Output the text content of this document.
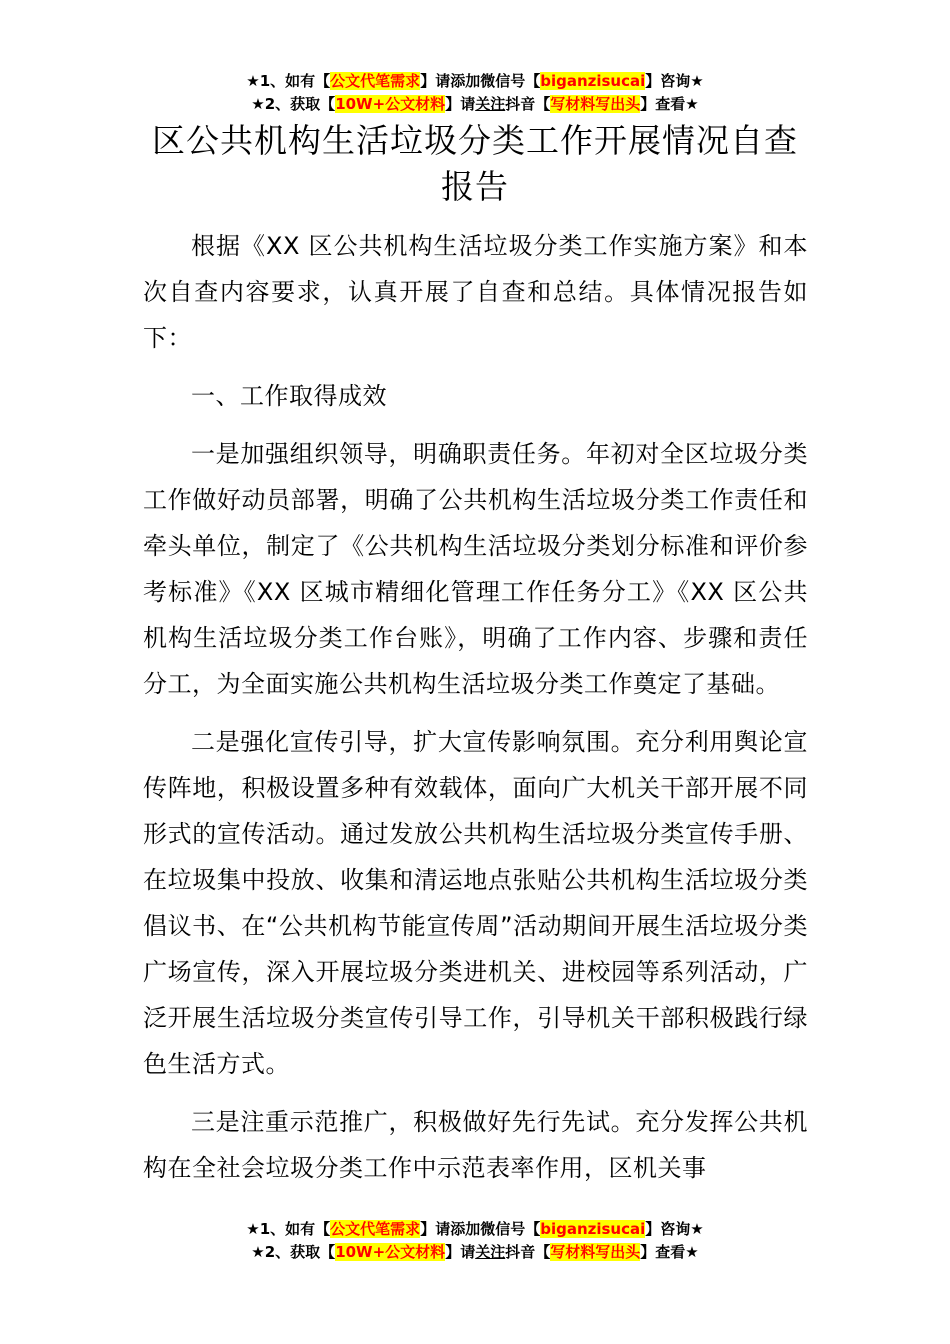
★1、如有【公文代笔需求】请添加微信号【biganzisucai】咨询★
★2、获取【10W+公文材料】请关注抖音【写材料写出头】查看★
区公共机构生活垃圾分类工作开展情况自查报告

根据《XX 区公共机构生活垃圾分类工作实施方案》和本次自查内容要求，认真开展了自查和总结。具体情况报告如下：

一、工作取得成效

一是加强组织领导，明确职责任务。年初对全区垃圾分类工作做好动员部署，明确了公共机构生活垃圾分类工作责任和牵头单位，制定了《公共机构生活垃圾分类划分标准和评价参考标准》《XX 区城市精细化管理工作任务分工》《XX 区公共机构生活垃圾分类工作台账》，明确了工作内容、步骤和责任分工，为全面实施公共机构生活垃圾分类工作奠定了基础。

二是强化宣传引导，扩大宣传影响氛围。充分利用舆论宣传阵地，积极设置多种有效载体，面向广大机关干部开展不同形式的宣传活动。通过发放公共机构生活垃圾分类宣传手册、在垃圾集中投放、收集和清运地点张贴公共机构生活垃圾分类倡议书、在“公共机构节能宣传周”活动期间开展生活垃圾分类广场宣传，深入开展垃圾分类进机关、进校园等系列活动，广泛开展生活垃圾分类宣传引导工作，引导机关干部积极践行绿色生活方式。

三是注重示范推广，积极做好先行先试。充分发挥公共机构在全社会垃圾分类工作中示范表率作用，区机关事

★1、如有【公文代笔需求】请添加微信号【biganzisucai】咨询★
★2、获取【10W+公文材料】请关注抖音【写材料写出头】查看★
